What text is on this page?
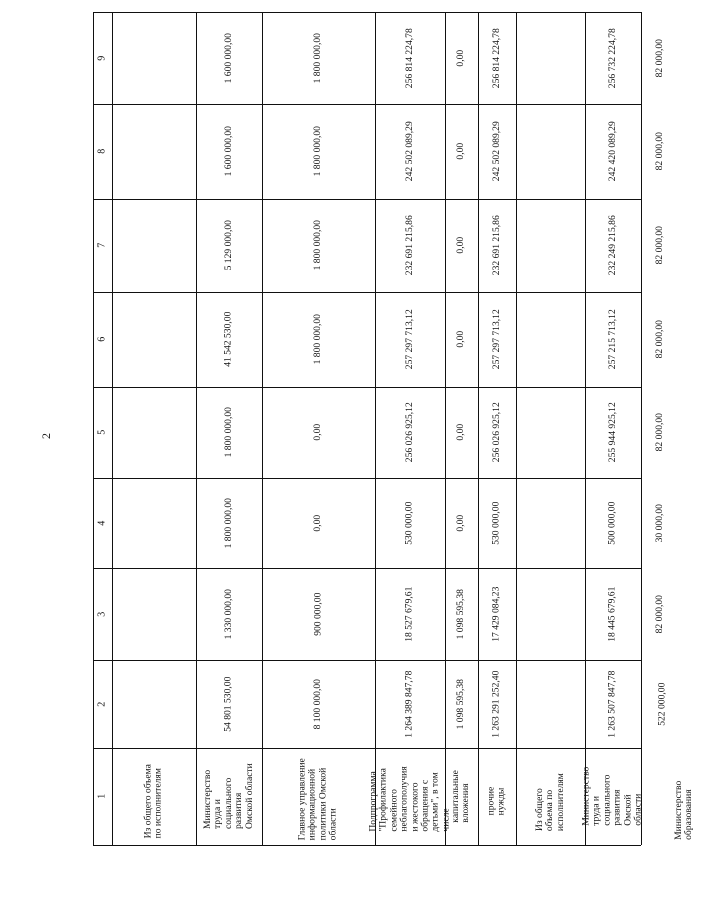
2
1
2
3
4
5
6
7
8
9
Из общего объема по исполнителям	Министерство труда и социального развития Омской области
54 801 530,00
1 330 000,00
1 800 000,00
1 800 000,00
41 542 530,00
5 129 000,00
1 600 000,00
1 600 000,00
Главное управление информационной политики Омской области
8 100 000,00
900 000,00
0,00
0,00
1 800 000,00
1 800 000,00
1 800 000,00
1 800 000,00
Подпрограмма "Профилактика семейного неблагополучия и жестокого обращения с детьми", в том числе
1 264 389 847,78
18 527 679,61
530 000,00
256 026 925,12
257 297 713,12
232 691 215,86
242 502 089,29
256 814 224,78
капитальные вложения
1 098 595,38
1 098 595,38
0,00
0,00
0,00
0,00
0,00
0,00
прочие нужды
1 263 291 252,40
17 429 084,23
530 000,00
256 026 925,12
257 297 713,12
232 691 215,86
242 502 089,29
256 814 224,78
Из общего объема по исполнителям Министерство труда и социального развития Омской области
1 263 507 847,78
18 445 679,61
500 000,00
255 944 925,12
257 215 713,12
232 249 215,86
242 420 089,29
256 732 224,78
Министерство образования
522 000,00
82 000,00
30 000,00
82 000,00
82 000,00
82 000,00
82 000,00
82 000,00
